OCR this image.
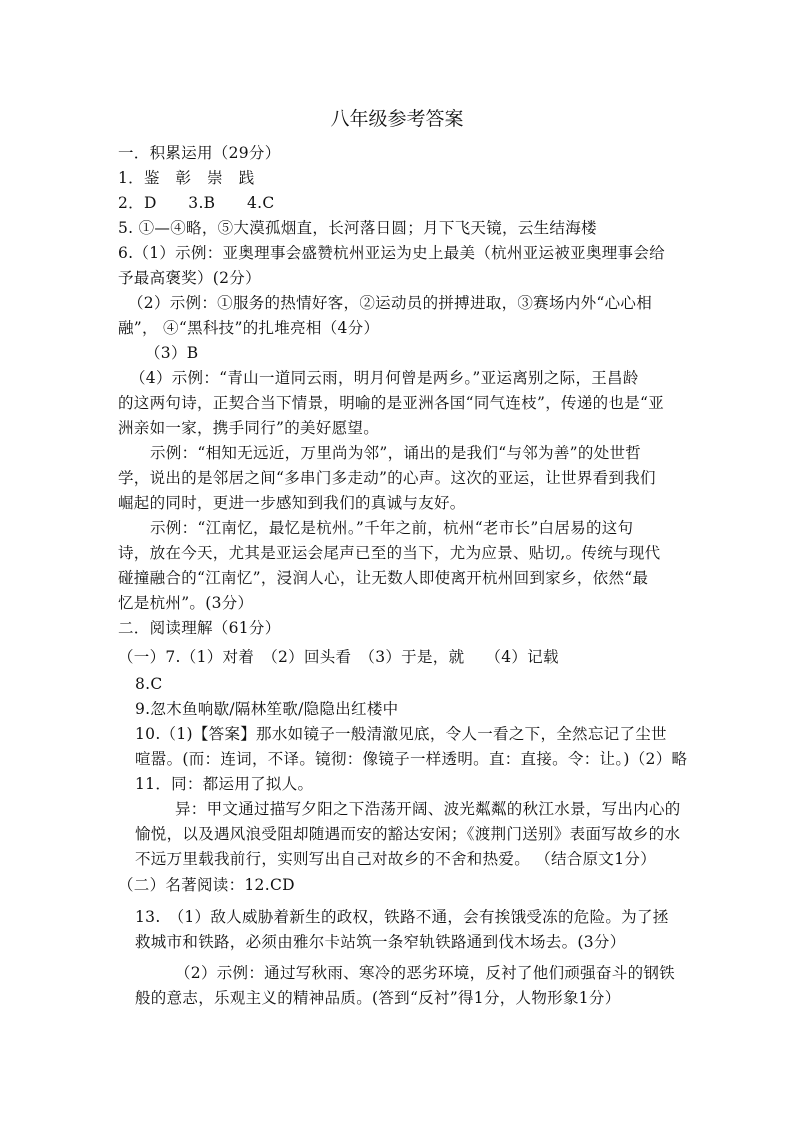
八年级参考答案
一．积累运用（29分）
1．鉴　彰　崇　践
2．D　　3.B　　4.C
5. ①—④略，⑤大漠孤烟直，长河落日圆；月下飞天镜，云生结海楼
6.（1）示例：亚奥理事会盛赞杭州亚运为史上最美（杭州亚运被亚奥理事会给
予最高褒奖）(2分）
（2）示例：①服务的热情好客，②运动员的拼搏进取，③赛场内外“心心相
融”， ④“黑科技”的扎堆亮相（4分）
（3）B
（4）示例：“青山一道同云雨，明月何曾是两乡。”亚运离别之际，王昌龄
的这两句诗，正契合当下情景，明喻的是亚洲各国“同气连枝”，传递的也是“亚
洲亲如一家，携手同行”的美好愿望。
示例：“相知无远近，万里尚为邻”，诵出的是我们“与邻为善”的处世哲
学，说出的是邻居之间“多串门多走动”的心声。这次的亚运，让世界看到我们
崛起的同时，更进一步感知到我们的真诚与友好。
示例：“江南忆，最忆是杭州。”千年之前，杭州“老市长”白居易的这句
诗，放在今天，尤其是亚运会尾声已至的当下，尤为应景、贴切,。传统与现代
碰撞融合的“江南忆”，浸润人心，让无数人即使离开杭州回到家乡，依然“最
忆是杭州”。(3分）
二．阅读理解（61分）
（一）7.（1）对着　（2）回头看　（3）于是，就　 （4）记载
8.C
9.忽木鱼响歇/隔林笙歌/隐隐出红楼中
10.（1)【答案】那水如镜子一般清澈见底，令人一看之下，全然忘记了尘世
喧嚣。(而：连词，不译。镜彻：像镜子一样透明。直：直接。令：让。)（2）略
11．同：都运用了拟人。
异：甲文通过描写夕阳之下浩荡开阔、波光粼粼的秋江水景，写出内心的
愉悦，以及遇风浪受阻却随遇而安的豁达安闲；《渡荆门送别》表面写故乡的水
不远万里载我前行，实则写出自己对故乡的不舍和热爱。 （结合原文1分）
（二）名著阅读：12.CD
13.　（1）敌人威胁着新生的政权，铁路不通，会有挨饿受冻的危险。为了拯
救城市和铁路，必须由雅尔卡站筑一条窄轨铁路通到伐木场去。(3分）
（2）示例：通过写秋雨、寒冷的恶劣环境，反衬了他们顽强奋斗的钢铁
般的意志，乐观主义的精神品质。(答到“反衬”得1分，人物形象1分）
